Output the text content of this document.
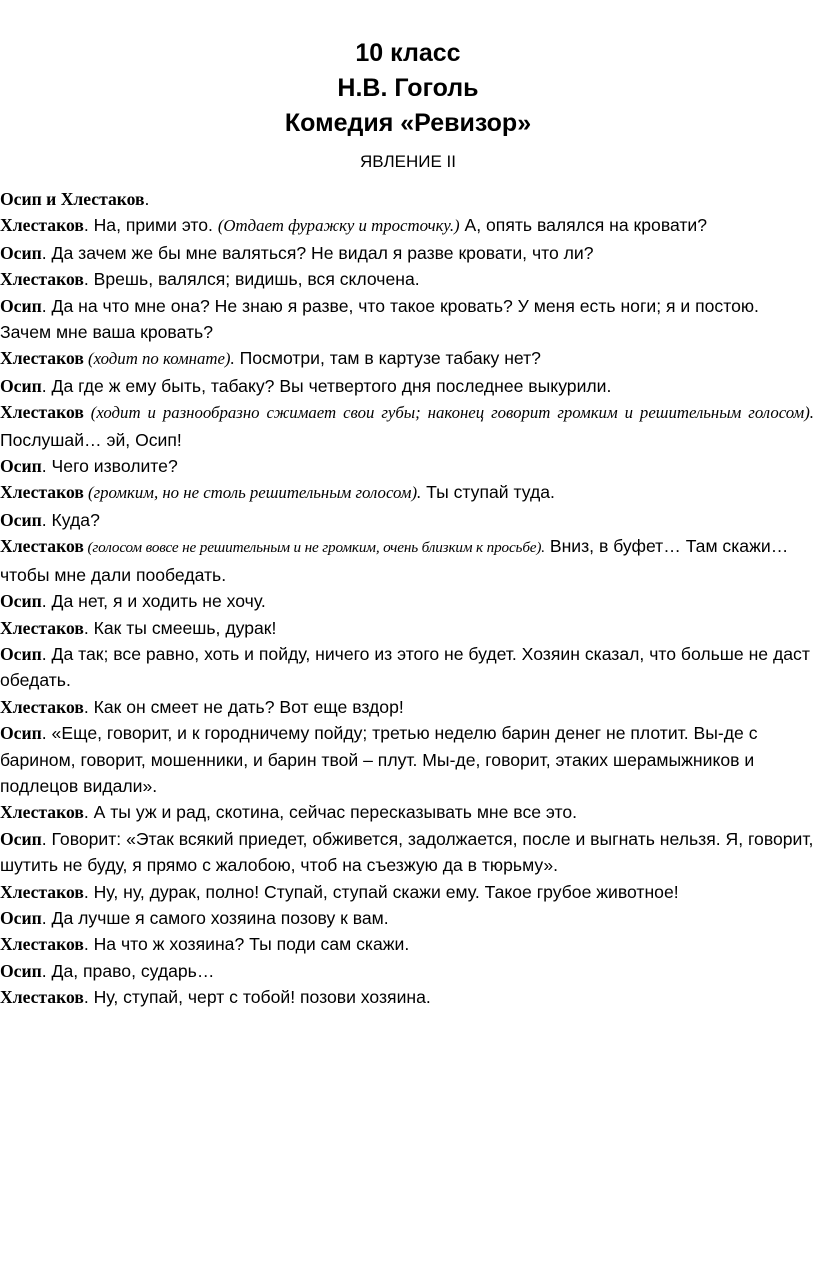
10 класс

Н.В. Гоголь

Комедия «Ревизор»

ЯВЛЕНИЕ II

Осип и Хлестаков.

Хлестаков. На, прими это. (Отдает фуражку и тросточку.) А, опять валялся на кровати?

Осип. Да зачем же бы мне валяться? Не видал я разве кровати, что ли?

Хлестаков. Врешь, валялся; видишь, вся склочена.

Осип. Да на что мне она? Не знаю я разве, что такое кровать? У меня есть ноги; я и постою. Зачем мне ваша кровать?

Хлестаков (ходит по комнате). Посмотри, там в картузе табаку нет?

Осип. Да где ж ему быть, табаку? Вы четвертого дня последнее выкурили.

Хлестаков (ходит и разнообразно сжимает свои губы; наконец говорит громким и решительным голосом). Послушай… эй, Осип!

Осип. Чего изволите?

Хлестаков (громким, но не столь решительным голосом). Ты ступай туда.

Осип. Куда?

Хлестаков (голосом вовсе не решительным и не громким, очень близким к просьбе). Вниз, в буфет… Там скажи… чтобы мне дали пообедать.

Осип. Да нет, я и ходить не хочу.

Хлестаков. Как ты смеешь, дурак!

Осип. Да так; все равно, хоть и пойду, ничего из этого не будет. Хозяин сказал, что больше не даст обедать.

Хлестаков. Как он смеет не дать? Вот еще вздор!

Осип. «Еще, говорит, и к городничему пойду; третью неделю барин денег не плотит. Вы-де с барином, говорит, мошенники, и барин твой – плут. Мы-де, говорит, этаких шерамыжников и подлецов видали».

Хлестаков. А ты уж и рад, скотина, сейчас пересказывать мне все это.

Осип. Говорит: «Этак всякий приедет, обживется, задолжается, после и выгнать нельзя. Я, говорит, шутить не буду, я прямо с жалобою, чтоб на съезжую да в тюрьму».

Хлестаков. Ну, ну, дурак, полно! Ступай, ступай скажи ему. Такое грубое животное!

Осип. Да лучше я самого хозяина позову к вам.

Хлестаков. На что ж хозяина? Ты поди сам скажи.

Осип. Да, право, сударь…

Хлестаков. Ну, ступай, черт с тобой! позови хозяина.
